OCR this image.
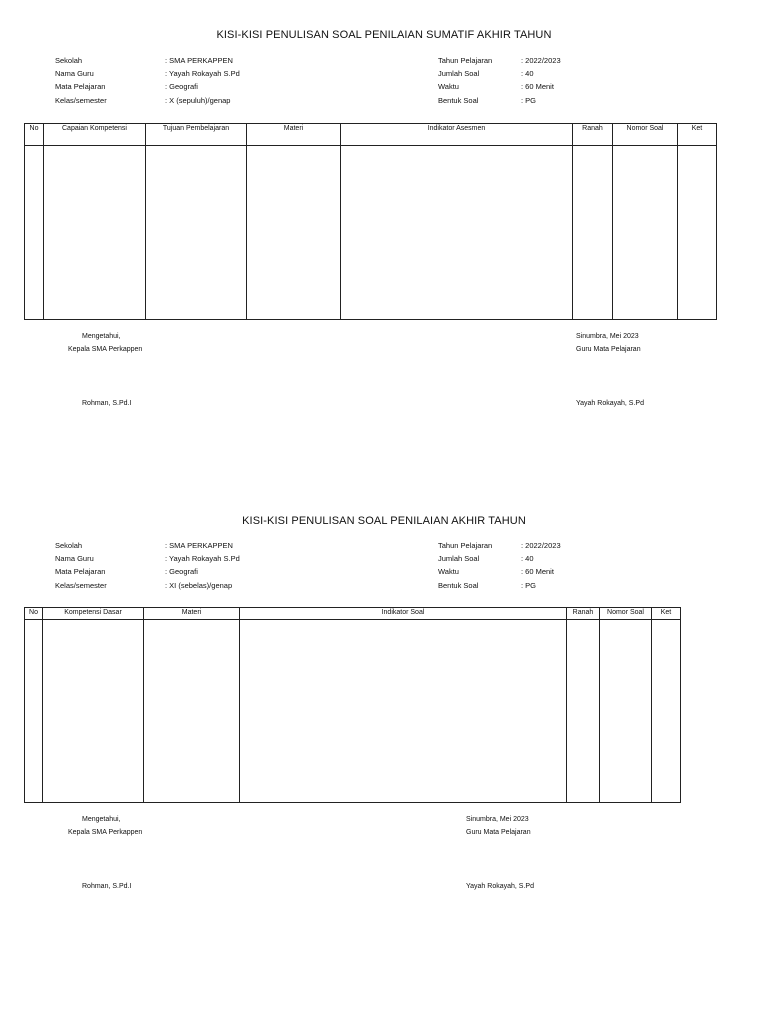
KISI-KISI PENULISAN SOAL PENILAIAN SUMATIF AKHIR TAHUN
Sekolah	: SMA PERKAPPEN
Nama Guru	: Yayah Rokayah S.Pd
Mata Pelajaran	: Geografi
Kelas/semester	: X (sepuluh)/genap
Tahun Pelajaran	: 2022/2023
Jumlah Soal	: 40
Waktu	: 60 Menit
Bentuk Soal	: PG
No	Capaian Kompetensi	Tujuan Pembelajaran	Materi	Indikator Asesmen	Ranah	Nomor Soal	Ket

Mengetahui,
Kepala SMA Perkappen
Rohman, S.Pd.I
Sinumbra, Mei 2023
Guru Mata Pelajaran
Yayah Rokayah, S.Pd
KISI-KISI PENULISAN SOAL PENILAIAN AKHIR TAHUN
Sekolah	: SMA PERKAPPEN
Nama Guru	: Yayah Rokayah S.Pd
Mata Pelajaran	: Geografi
Kelas/semester	: XI (sebelas)/genap
Tahun Pelajaran	: 2022/2023
Jumlah Soal	: 40
Waktu	: 60 Menit
Bentuk Soal	: PG
No	Kompetensi Dasar	Materi	Indikator Soal	Ranah	Nomor Soal	Ket

Mengetahui,
Kepala SMA Perkappen
Rohman, S.Pd.I
Sinumbra, Mei 2023
Guru Mata Pelajaran
Yayah Rokayah, S.Pd
